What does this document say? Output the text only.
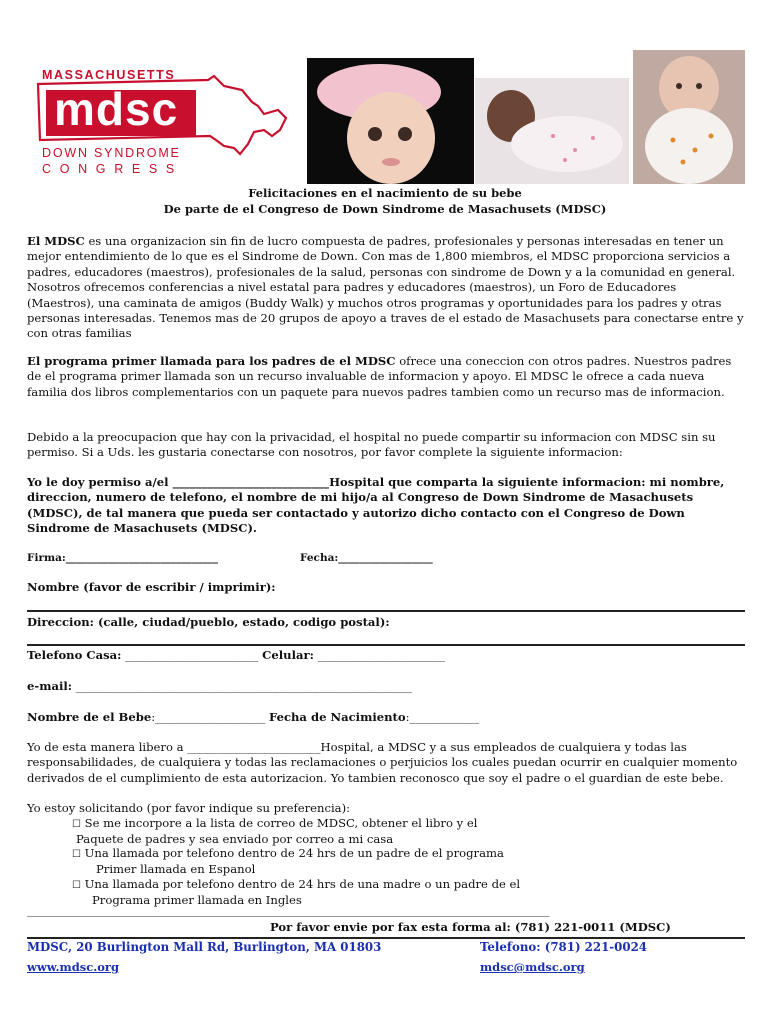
MASSACHUSETTS
mdsc
DOWN SYNDROME
C O N G R E S S
Felicitaciones en el nacimiento de su bebe
De parte de el Congreso de Down Sindrome de Masachusets (MDSC)
El MDSC es una organizacion sin fin de lucro compuesta de padres, profesionales y personas interesadas en tener un mejor entendimiento de lo que es el Sindrome de Down. Con mas de 1,800 miembros, el MDSC proporciona servicios a padres, educadores (maestros), profesionales de la salud, personas con sindrome de Down y a la comunidad en general. Nosotros ofrecemos conferencias a nivel estatal para padres y educadores (maestros), un Foro de Educadores (Maestros), una caminata de amigos (Buddy Walk) y muchos otros programas y oportunidades para los padres y otras personas interesadas. Tenemos mas de 20 grupos de apoyo a traves de el estado de Masachusets para conectarse entre y con otras familias
El programa primer llamada para los padres de el MDSC ofrece una coneccion con otros padres. Nuestros padres de el programa primer llamada son un recurso invaluable de informacion y apoyo. El MDSC le ofrece a cada nueva familia dos libros complementarios con un paquete para nuevos padres tambien como un recurso mas de informacion.
Debido a la preocupacion que hay con la privacidad, el hospital no puede compartir su informacion con MDSC sin su permiso. Si a Uds. les gustaria conectarse con nosotros, por favor complete la siguiente informacion:
Yo le doy permiso a/el ___________________________Hospital que comparta la siguiente informacion: mi nombre, direccion, numero de telefono, el nombre de mi hijo/a al Congreso de Down Sindrome de Masachusets (MDSC), de tal manera que pueda ser contactado y autorizo dicho contacto con el Congreso de Down Sindrome de Masachusets (MDSC).
Firma:_____________________________	Fecha:__________________
Nombre (favor de escribir / imprimir):
Direccion: (calle, ciudad/pueblo, estado, codigo postal):
Telefono Casa: _______________________ Celular: ______________________
e-mail: __________________________________________________________
Nombre de el Bebe:___________________ Fecha de Nacimiento:____________
Yo de esta manera libero a _______________________Hospital, a MDSC y a sus empleados de cualquiera y todas las responsabilidades, de cualquiera y todas las reclamaciones o perjuicios los cuales puedan ocurrir en cualquier momento derivados de el cumplimiento de esta autorizacion. Yo tambien reconosco que soy el padre o el guardian de este bebe.
Yo estoy solicitando (por favor indique su preferencia):
☐ Se me incorpore a la lista de correo de MDSC, obtener el libro y el
Paquete de padres y sea enviado por correo a mi casa
☐ Una llamada por telefono dentro de 24 hrs de un padre de el programa
Primer llamada en Espanol
☐ Una llamada por telefono dentro de 24 hrs de una madre o un padre de el
Programa primer llamada en Ingles
_______________________________________________________________________________________________
Por favor envie por fax esta forma al: (781) 221-0011 (MDSC)
MDSC, 20 Burlington Mall Rd, Burlington, MA 01803	Telefono: (781) 221-0024
www.mdsc.org	mdsc@mdsc.org
